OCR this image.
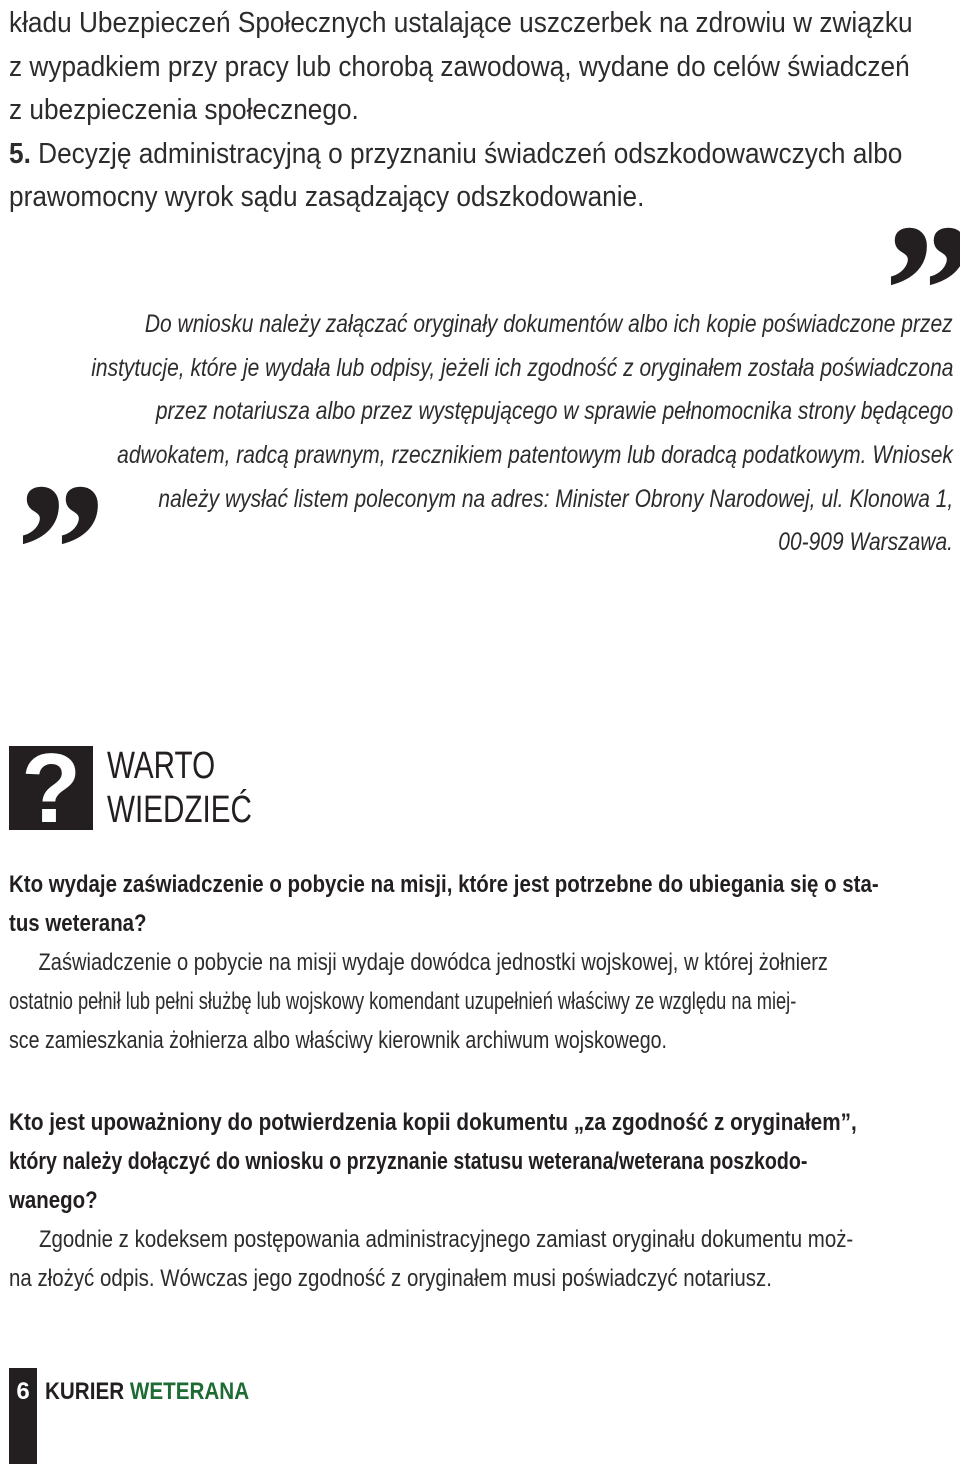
kładu Ubezpieczeń Społecznych ustalające uszczerbek na zdrowiu w związku

z wypadkiem przy pracy lub chorobą zawodową, wydane do celów świadczeń

z ubezpieczenia społecznego.

5. Decyzję administracyjną o przyznaniu świadczeń odszkodowawczych albo

prawomocny wyrok sądu zasądzający odszkodowanie.	”
”
Do wniosku należy załączać oryginały dokumentów albo ich kopie poświadczone przez
instytucje, które je wydała lub odpisy, jeżeli ich zgodność z oryginałem została poświadczona
przez notariusza albo przez występującego w sprawie pełnomocnika strony będącego
adwokatem, radcą prawnym, rzecznikiem patentowym lub doradcą podatkowym. Wniosek
należy wysłać listem poleconym na adres: Minister Obrony Narodowej, ul. Klonowa 1,
00-909 Warszawa.
? WARTO
WIEDZIEĆ

Kto wydaje zaświadczenie o pobycie na misji, które jest potrzebne do ubiegania się o sta-
tus weterana?

Zaświadczenie o pobycie na misji wydaje dowódca jednostki wojskowej, w której żołnierz
ostatnio pełnił lub pełni służbę lub wojskowy komendant uzupełnień właściwy ze względu na miej-
sce zamieszkania żołnierza albo właściwy kierownik archiwum wojskowego.

Kto jest upoważniony do potwierdzenia kopii dokumentu „za zgodność z oryginałem”,
który należy dołączyć do wniosku o przyznanie statusu weterana/weterana poszkodo-
wanego?

Zgodnie z kodeksem postępowania administracyjnego zamiast oryginału dokumentu moż-
na złożyć odpis. Wówczas jego zgodność z oryginałem musi poświadczyć notariusz.

6 KURIER WETERANA
